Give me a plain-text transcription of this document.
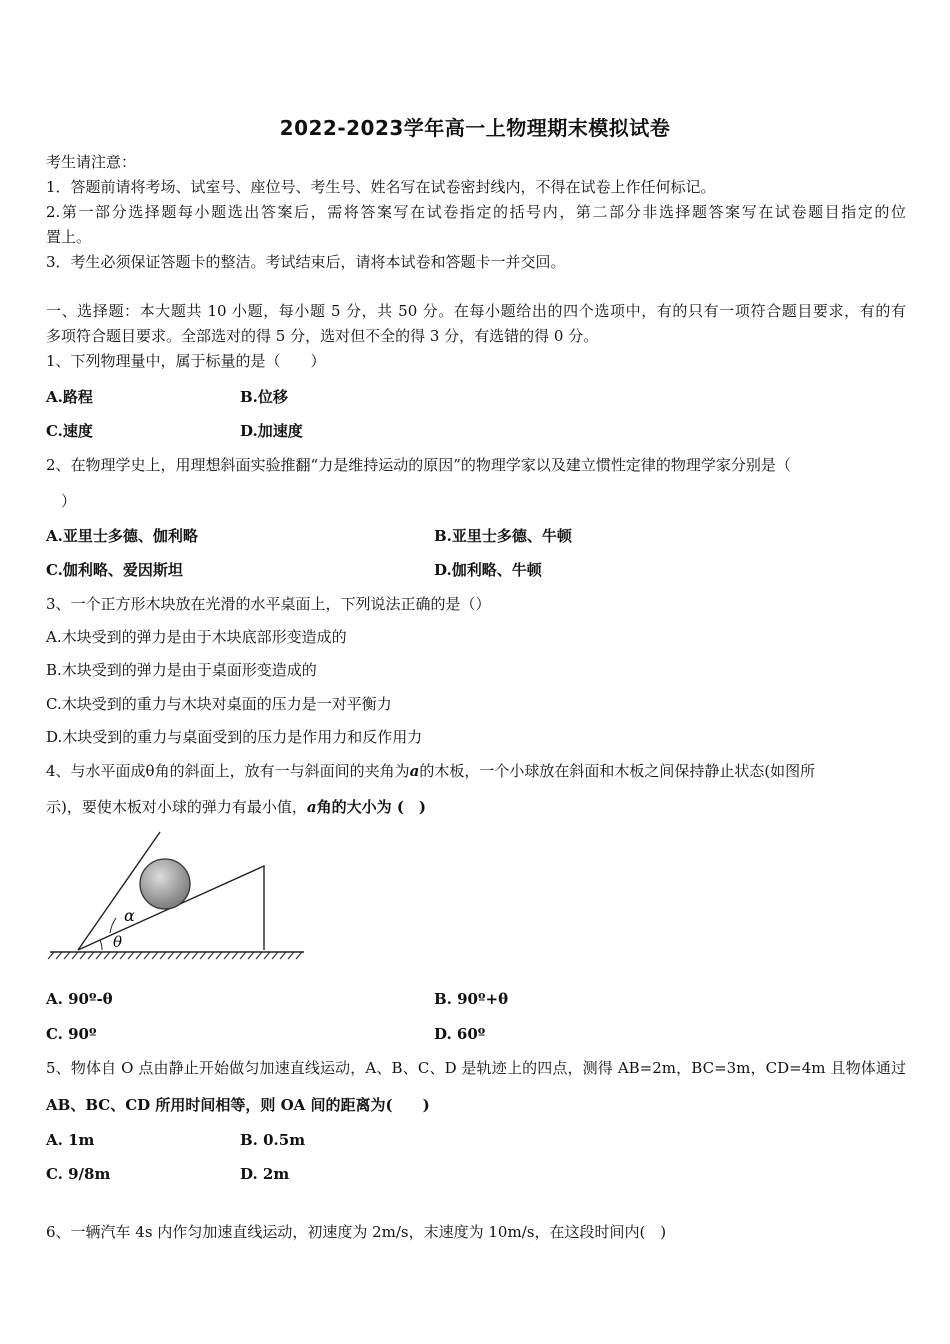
2022-2023学年高一上物理期末模拟试卷
考生请注意：
1．答题前请将考场、试室号、座位号、考生号、姓名写在试卷密封线内，不得在试卷上作任何标记。
2.第一部分选择题每小题选出答案后，需将答案写在试卷指定的括号内，第二部分非选择题答案写在试卷题目指定的位
置上。
3．考生必须保证答题卡的整洁。考试结束后，请将本试卷和答题卡一并交回。
一、选择题：本大题共 10 小题，每小题 5 分，共 50 分。在每小题给出的四个选项中，有的只有一项符合题目要求，有的有
多项符合题目要求。全部选对的得 5 分，选对但不全的得 3 分，有选错的得 0 分。
1、下列物理量中，属于标量的是（　　）
A.路程	B.位移
C.速度	D.加速度
2、在物理学史上，用理想斜面实验推翻“力是维持运动的原因”的物理学家以及建立惯性定律的物理学家分别是（
　）
A.亚里士多德、伽利略	B.亚里士多德、牛顿
C.伽利略、爱因斯坦	D.伽利略、牛顿
3、一个正方形木块放在光滑的水平桌面上，下列说法正确的是（）
A.木块受到的弹力是由于木块底部形变造成的
B.木块受到的弹力是由于桌面形变造成的
C.木块受到的重力与木块对桌面的压力是一对平衡力
D.木块受到的重力与桌面受到的压力是作用力和反作用力
4、与水平面成θ角的斜面上，放有一与斜面间的夹角为a的木板，一个小球放在斜面和木板之间保持静止状态(如图所
示)，要使木板对小球的弹力有最小值，a角的大小为 (　)
α
θ
A. 90º-θ	B. 90º+θ
C. 90º	D. 60º
5、物体自 O 点由静止开始做匀加速直线运动，A、B、C、D 是轨迹上的四点，测得 AB=2m，BC=3m，CD=4m 且物体通过
AB、BC、CD 所用时间相等，则 OA 间的距离为(　　)
A. 1m	B. 0.5m
C. 9/8m	D. 2m
6、一辆汽车 4s 内作匀加速直线运动，初速度为 2m/s，末速度为 10m/s，在这段时间内(　)
